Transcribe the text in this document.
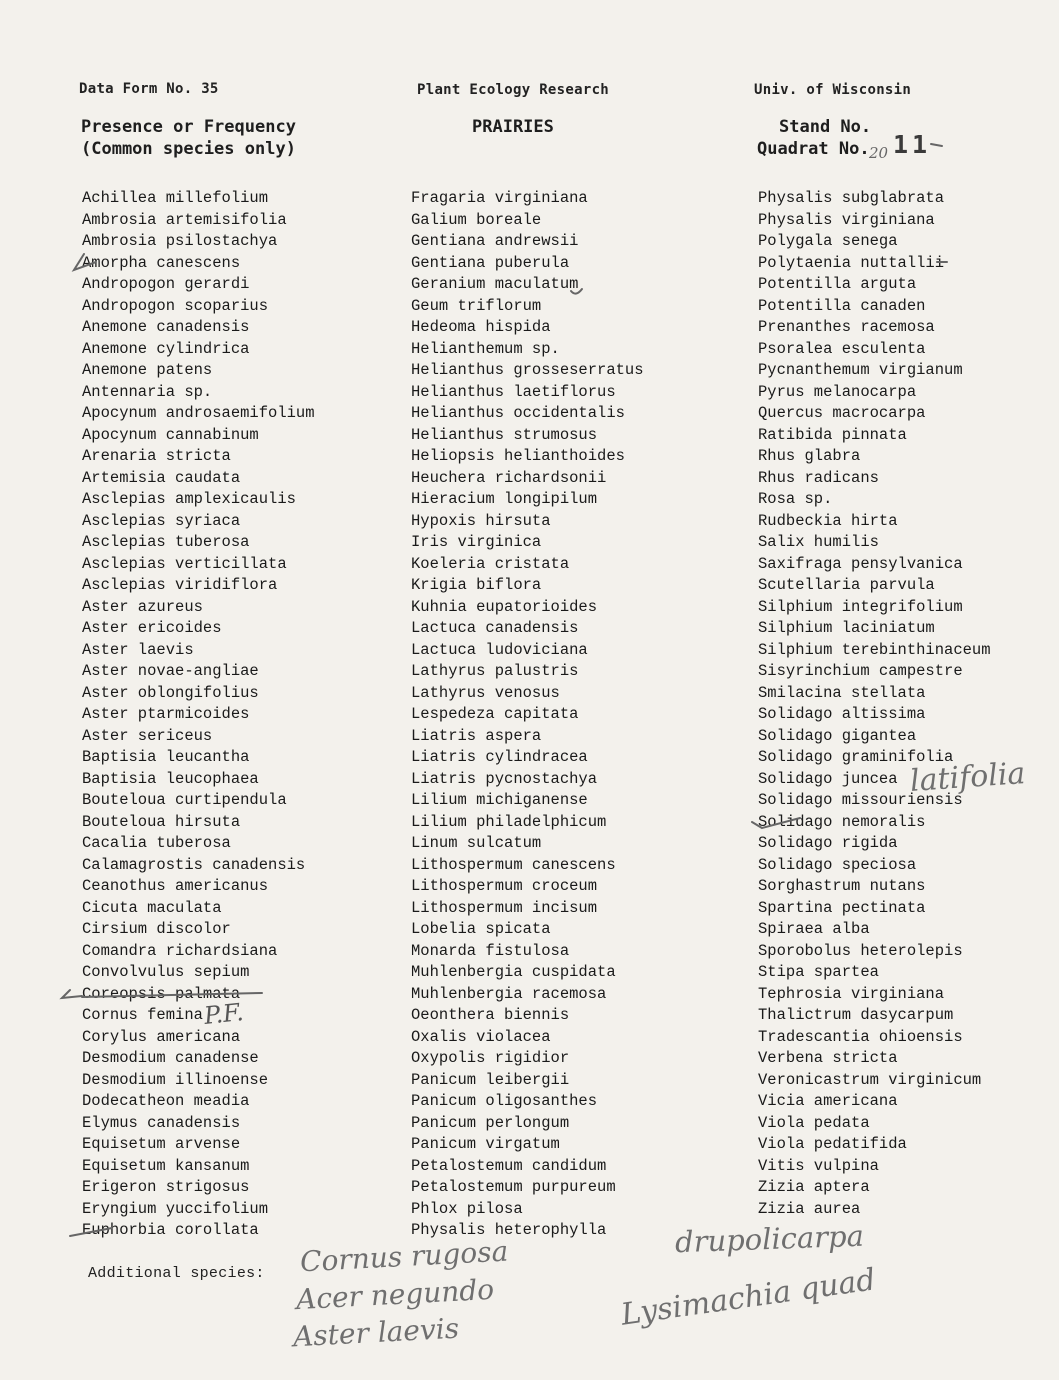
Data Form No. 35	Plant Ecology Research	Univ. of Wisconsin
Presence or Frequency
(Common species only)
PRAIRIES	Stand No.
Quadrat No. 20 1 1
Achillea millefolium
Ambrosia artemisifolia
Ambrosia psilostachya
Amorpha canescens
Andropogon gerardi
Andropogon scoparius
Anemone canadensis
Anemone cylindrica
Anemone patens
Antennaria sp.
Apocynum androsaemifolium
Apocynum cannabinum
Arenaria stricta
Artemisia caudata
Asclepias amplexicaulis
Asclepias syriaca
Asclepias tuberosa
Asclepias verticillata
Asclepias viridiflora
Aster azureus
Aster ericoides
Aster laevis
Aster novae-angliae
Aster oblongifolius
Aster ptarmicoides
Aster sericeus
Baptisia leucantha
Baptisia leucophaea
Bouteloua curtipendula
Bouteloua hirsuta
Cacalia tuberosa
Calamagrostis canadensis
Ceanothus americanus
Cicuta maculata
Cirsium discolor
Comandra richardsiana
Convolvulus sepium
Coreopsis palmata
Cornus femina
Corylus americana
Desmodium canadense
Desmodium illinoense
Dodecatheon meadia
Elymus canadensis
Equisetum arvense
Equisetum kansanum
Erigeron strigosus
Eryngium yuccifolium
Euphorbia corollata
Fragaria virginiana
Galium boreale
Gentiana andrewsii
Gentiana puberula
Geranium maculatum
Geum triflorum
Hedeoma hispida
Helianthemum sp.
Helianthus grosseserratus
Helianthus laetiflorus
Helianthus occidentalis
Helianthus strumosus
Heliopsis helianthoides
Heuchera richardsonii
Hieracium longipilum
Hypoxis hirsuta
Iris virginica
Koeleria cristata
Krigia biflora
Kuhnia eupatorioides
Lactuca canadensis
Lactuca ludoviciana
Lathyrus palustris
Lathyrus venosus
Lespedeza capitata
Liatris aspera
Liatris cylindracea
Liatris pycnostachya
Lilium michiganense
Lilium philadelphicum
Linum sulcatum
Lithospermum canescens
Lithospermum croceum
Lithospermum incisum
Lobelia spicata
Monarda fistulosa
Muhlenbergia cuspidata
Muhlenbergia racemosa
Oeonthera biennis
Oxalis violacea
Oxypolis rigidior
Panicum leibergii
Panicum oligosanthes
Panicum perlongum
Panicum virgatum
Petalostemum candidum
Petalostemum purpureum
Phlox pilosa
Physalis heterophylla
Physalis subglabrata
Physalis virginiana
Polygala senega
Polytaenia nuttallii
Potentilla arguta
Potentilla canaden
Prenanthes racemosa
Psoralea esculenta
Pycnanthemum virgianum
Pyrus melanocarpa
Quercus macrocarpa
Ratibida pinnata
Rhus glabra
Rhus radicans
Rosa sp.
Rudbeckia hirta
Salix humilis
Saxifraga pensylvanica
Scutellaria parvula
Silphium integrifolium
Silphium laciniatum
Silphium terebinthinaceum
Sisyrinchium campestre
Smilacina stellata
Solidago altissima
Solidago gigantea
Solidago graminifolia
Solidago juncea
Solidago missouriensis
Solidago nemoralis
Solidago rigida
Solidago speciosa
Sorghastrum nutans
Spartina pectinata
Spiraea alba
Sporobolus heterolepis
Stipa spartea
Tephrosia virginiana
Thalictrum dasycarpum
Tradescantia ohioensis
Verbena stricta
Veronicastrum virginicum
Vicia americana
Viola pedata
Viola pedatifida
Vitis vulpina
Zizia aptera
Zizia aurea
Additional species:
latifolia
Cornus rugosa
Acer negundo
Aster laevis
drupolicarpa
Lysimachia quad
P.F.
